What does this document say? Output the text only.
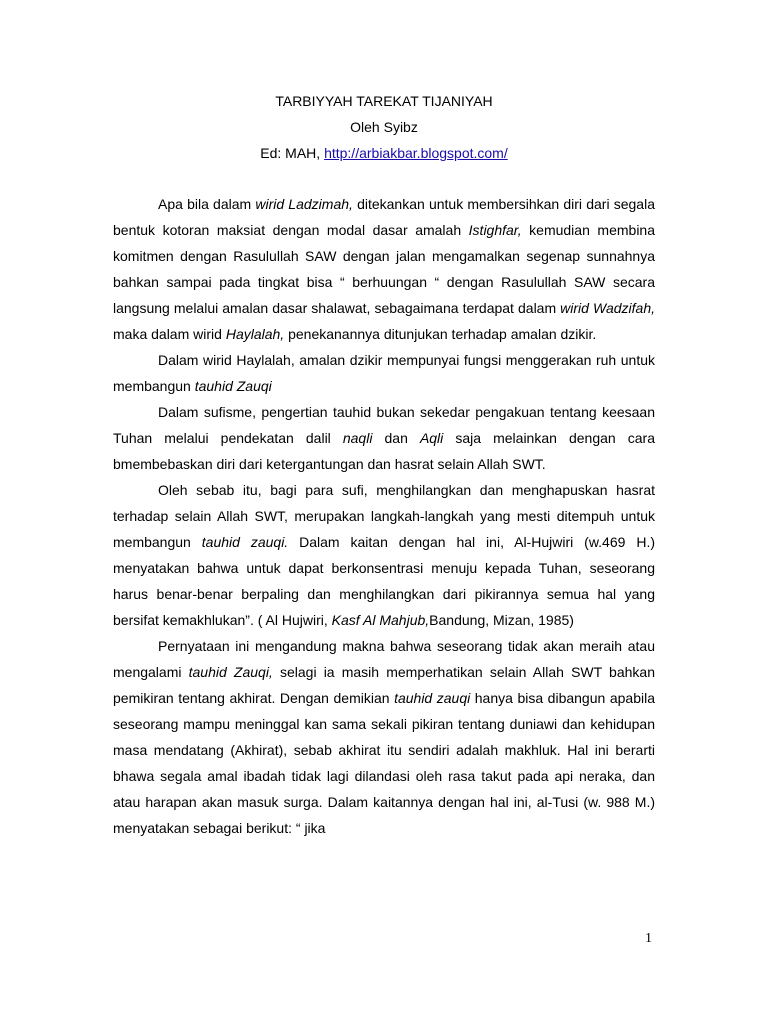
TARBIYYAH TAREKAT TIJANIYAH
Oleh Syibz
Ed: MAH, http://arbiakbar.blogspot.com/

Apa bila dalam wirid Ladzimah, ditekankan untuk membersihkan diri dari segala bentuk kotoran maksiat dengan modal dasar amalah Istighfar, kemudian membina komitmen dengan Rasulullah SAW dengan jalan mengamalkan segenap sunnahnya bahkan sampai pada tingkat bisa “ berhuungan “ dengan Rasulullah SAW secara langsung melalui amalan dasar shalawat, sebagaimana terdapat dalam wirid Wadzifah, maka dalam wirid Haylalah, penekanannya ditunjukan terhadap amalan dzikir.

Dalam wirid Haylalah, amalan dzikir mempunyai fungsi menggerakan ruh untuk membangun tauhid Zauqi

Dalam sufisme, pengertian tauhid bukan sekedar pengakuan tentang keesaan Tuhan melalui pendekatan dalil naqli dan Aqli saja melainkan dengan cara bmembebaskan diri dari ketergantungan dan hasrat selain Allah SWT.

Oleh sebab itu, bagi para sufi, menghilangkan dan menghapuskan hasrat terhadap selain Allah SWT, merupakan langkah-langkah yang mesti ditempuh untuk membangun tauhid zauqi. Dalam kaitan dengan hal ini, Al-Hujwiri (w.469 H.) menyatakan bahwa untuk dapat berkonsentrasi menuju kepada Tuhan, seseorang harus benar-benar berpaling dan menghilangkan dari pikirannya semua hal yang bersifat kemakhlukan”. ( Al Hujwiri, Kasf Al Mahjub,Bandung, Mizan, 1985)

Pernyataan ini mengandung makna bahwa seseorang tidak akan meraih atau mengalami tauhid Zauqi, selagi ia masih memperhatikan selain Allah SWT bahkan pemikiran tentang akhirat. Dengan demikian tauhid zauqi hanya bisa dibangun apabila seseorang mampu meninggal kan sama sekali pikiran tentang duniawi dan kehidupan masa mendatang (Akhirat), sebab akhirat itu sendiri adalah makhluk. Hal ini berarti bhawa segala amal ibadah tidak lagi dilandasi oleh rasa takut pada api neraka, dan atau harapan akan masuk surga. Dalam kaitannya dengan hal ini, al-Tusi (w. 988 M.) menyatakan sebagai berikut: “ jika

1
